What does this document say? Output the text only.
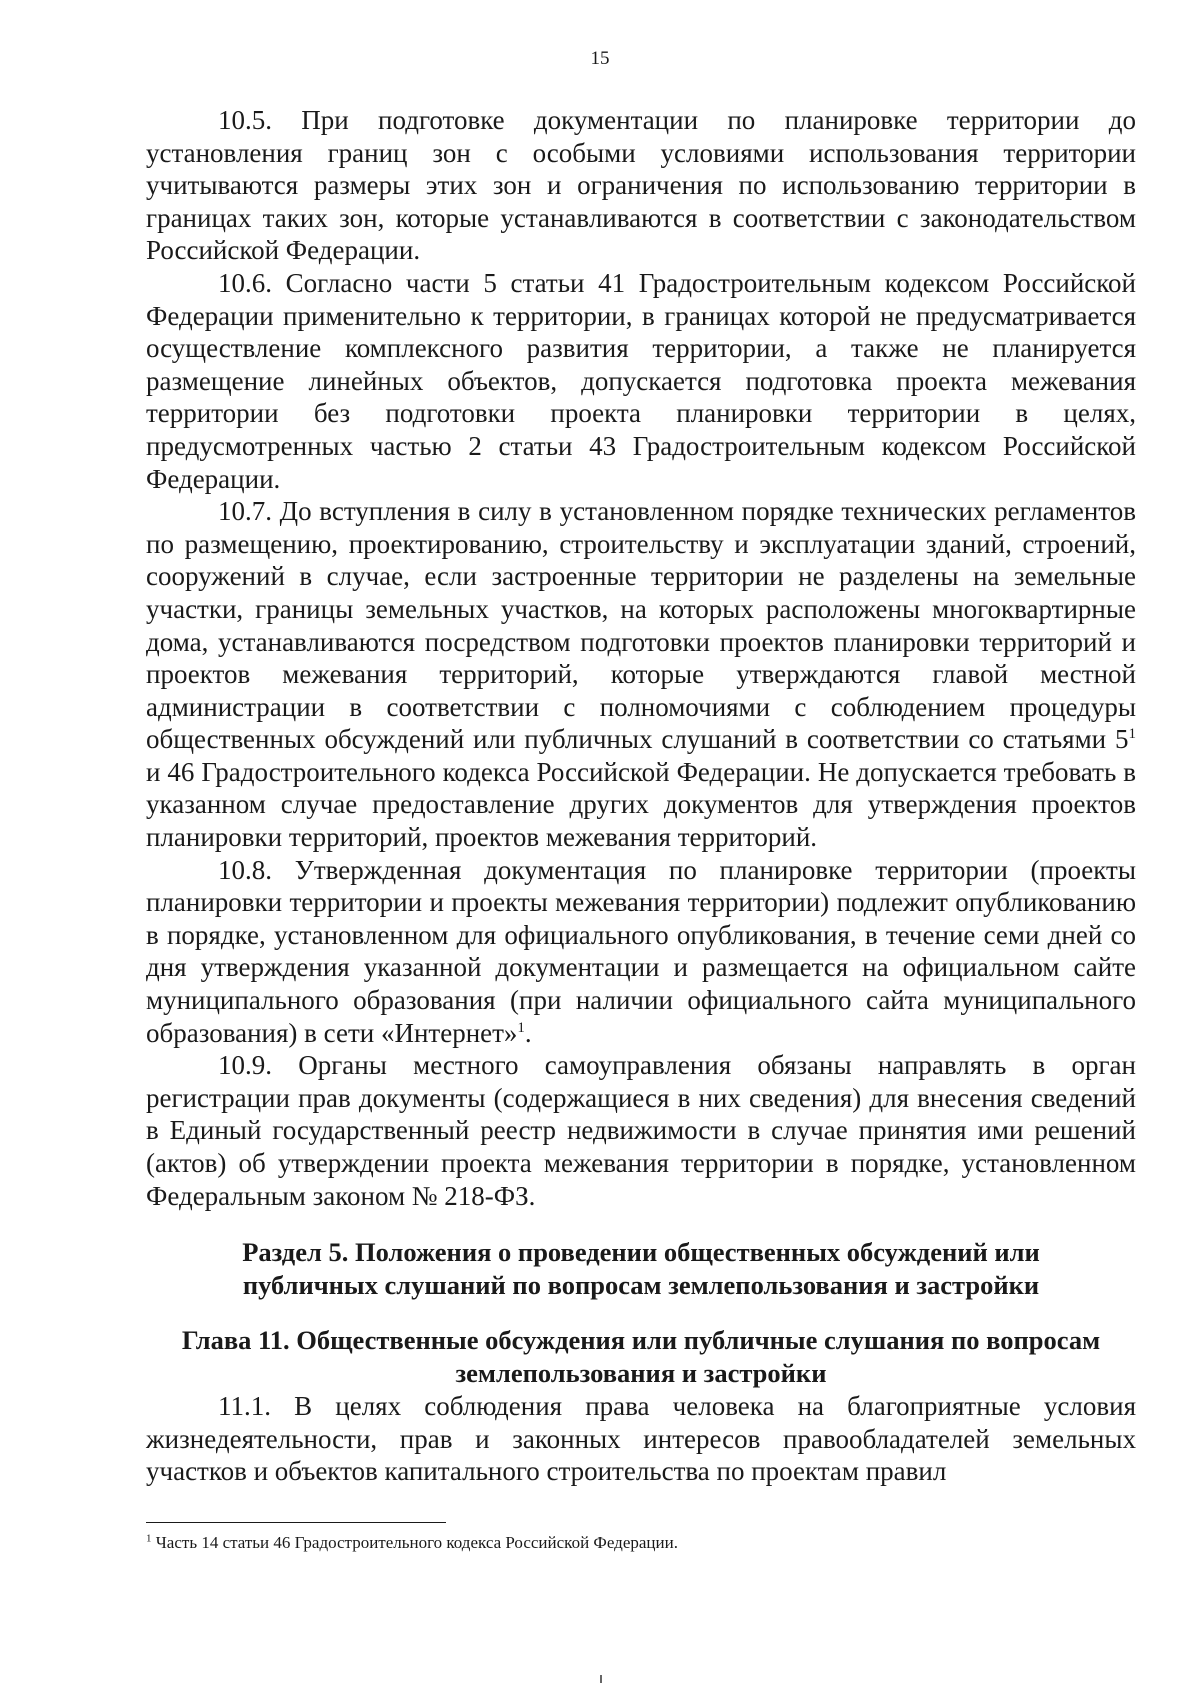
15

10.5. При подготовке документации по планировке территории до установления границ зон с особыми условиями использования территории учитываются размеры этих зон и ограничения по использованию территории в границах таких зон, которые устанавливаются в соответствии с законодательством Российской Федерации.

10.6. Согласно части 5 статьи 41 Градостроительным кодексом Российской Федерации применительно к территории, в границах которой не предусматривается осуществление комплексного развития территории, а также не планируется размещение линейных объектов, допускается подготовка проекта межевания территории без подготовки проекта планировки территории в целях, предусмотренных частью 2 статьи 43 Градостроительным кодексом Российской Федерации.

10.7. До вступления в силу в установленном порядке технических регламентов по размещению, проектированию, строительству и эксплуатации зданий, строений, сооружений в случае, если застроенные территории не разделены на земельные участки, границы земельных участков, на которых расположены многоквартирные дома, устанавливаются посредством подготовки проектов планировки территорий и проектов межевания территорий, которые утверждаются главой местной администрации в соответствии с полномочиями с соблюдением процедуры общественных обсуждений или публичных слушаний в соответствии со статьями $5^1$ и 46 Градостроительного кодекса Российской Федерации. Не допускается требовать в указанном случае предоставление других документов для утверждения проектов планировки территорий, проектов межевания территорий.

10.8. Утвержденная документация по планировке территории (проекты планировки территории и проекты межевания территории) подлежит опубликованию в порядке, установленном для официального опубликования, в течение семи дней со дня утверждения указанной документации и размещается на официальном сайте муниципального образования (при наличии официального сайта муниципального образования) в сети «Интернет»$^1$.

10.9. Органы местного самоуправления обязаны направлять в орган регистрации прав документы (содержащиеся в них сведения) для внесения сведений в Единый государственный реестр недвижимости в случае принятия ими решений (актов) об утверждении проекта межевания территории в порядке, установленном Федеральным законом № 218-ФЗ.

Раздел 5. Положения о проведении общественных обсуждений или публичных слушаний по вопросам землепользования и застройки
Глава 11. Общественные обсуждения или публичные слушания по вопросам землепользования и застройки

11.1. В целях соблюдения права человека на благоприятные условия жизнедеятельности, прав и законных интересов правообладателей земельных участков и объектов капитального строительства по проектам правил

$^1$ Часть 14 статьи 46 Градостроительного кодекса Российской Федерации.
